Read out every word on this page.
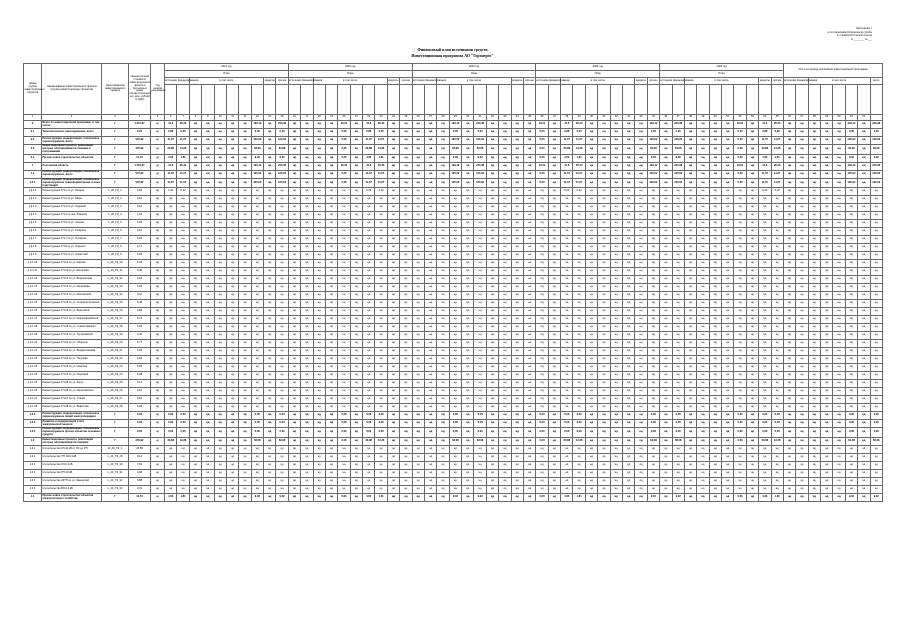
Приложение 1
к постановлению Региональной службы
по тарифам Ростовской области
от ________ № ___
Финансовый план источников средств
Инвестиционная программа АО "Горэнерго"
Номер группы инвестиционных проектов	Наименование инвестиционного проекта (группы инвестиционных проектов)	Идентификатор инвестиционного проекта	Оценка полной стоимости инвестиционного проекта в прогнозных ценах соответствующих лет, млн. рублей (с НДС)	Год начала реализации	2021 год										2022 год										2023 год										2024 год										2025 год										Итого за период реализации инвестиционной программы							
					План										План										План										План										План																	
					источники финансирования		в том числе						кредиты	прочие	источники финансирования		в том числе						кредиты	прочие	источники финансирования		в том числе						кредиты	прочие	источники финансирования		в том числе						кредиты	прочие	источники финансирования		в том числе						кредиты	прочие	источники финансирования		в том числе					всего

1	2	3	4	5	6	7	8	9	10	11	12	13	14	15	16	17	18	19	20	21	22	23	24	25	26	27	28	29	30	31	32	33	34	35	36	37	38	39	40	41	42	43	44	45	46	47	48	49	50	51	52	53	54	55	56	57	58	59	60	61	62	
0	Всего по инвестиционной программе, в том числе:	Г	1 001,67	нд	41,6	26,43	нд	нд	нд	нд	нд	193,12	нд	240,38	нд	нд	нд	нд	19,01	нд	41,6	26,43	нд	нд	нд	нд	нд	193,12	нд	240,38	нд	нд	нд	нд	19,01	нд	41,6	26,43	нд	нд	нд	нд	нд	193,12	нд	240,38	нд	нд	нд	нд	19,01	нд	41,6	26,43	нд	нд	нд	нд	нд	193,12	нд	240,38
0.1	Технологическое присоединение, всего	Г	0,20	нд	0,88	0,20	нд	нд	нд	нд	нд	0,00	нд	0,20	нд	нд	нд	нд	0,00	нд	0,88	0,20	нд	нд	нд	нд	нд	0,00	нд	0,20	нд	нд	нд	нд	0,00	нд	0,88	0,20	нд	нд	нд	нд	нд	0,00	нд	0,20	нд	нд	нд	нд	0,00	нд	0,88	0,20	нд	нд	нд	нд	нд	0,00	нд	0,20
0.2	Реконструкция, модернизация, техническое перевооружение, всего	Г	572,92	нд	11,07	11,07	нд	нд	нд	нд	нд	120,02	нд	120,02	нд	нд	нд	нд	0,00	нд	11,07	11,07	нд	нд	нд	нд	нд	120,02	нд	120,02	нд	нд	нд	нд	0,00	нд	11,07	11,07	нд	нд	нд	нд	нд	120,02	нд	120,02	нд	нд	нд	нд	0,00	нд	11,07	11,07	нд	нд	нд	нд	нд	120,02	нд	120,02
0.3	Инвестиционные проекты, реализация которых обуславливается схемами и программами	Г	376,92	нд	23,88	13,36	нд	нд	нд	нд	нд	63,08	нд	63,08	нд	нд	нд	нд	0,00	нд	23,88	13,36	нд	нд	нд	нд	нд	63,08	нд	63,08	нд	нд	нд	нд	0,00	нд	23,88	13,36	нд	нд	нд	нд	нд	63,08	нд	63,08	нд	нд	нд	нд	0,00	нд	23,88	13,36	нд	нд	нд	нд	нд	63,08	нд	63,08
0.4	Прочее новое строительство объектов	Г	14,73	нд	4,63	1,81	нд	нд	нд	нд	нд	9,02	нд	9,02	нд	нд	нд	нд	0,00	нд	4,63	1,81	нд	нд	нд	нд	нд	9,02	нд	9,02	нд	нд	нд	нд	0,00	нд	4,63	1,81	нд	нд	нд	нд	нд	9,02	нд	9,02	нд	нд	нд	нд	0,00	нд	4,63	1,81	нд	нд	нд	нд	нд	9,02	нд	9,02
1	Ростовская область	Г	1 001,67	нд	41,6	26,43	нд	нд	нд	нд	нд	193,12	нд	240,38	нд	нд	нд	нд	19,01	нд	41,6	26,43	нд	нд	нд	нд	нд	193,12	нд	240,38	нд	нд	нд	нд	19,01	нд	41,6	26,43	нд	нд	нд	нд	нд	193,12	нд	240,38	нд	нд	нд	нд	19,01	нд	41,6	26,43	нд	нд	нд	нд	нд	193,12	нд	240,38
1.2	Реконструкция, модернизация, техническое перевооружение, всего	Г	572,92	нд	11,07	11,07	нд	нд	нд	нд	нд	120,02	нд	120,02	нд	нд	нд	нд	0,00	нд	11,07	11,07	нд	нд	нд	нд	нд	120,02	нд	120,02	нд	нд	нд	нд	0,00	нд	11,07	11,07	нд	нд	нд	нд	нд	120,02	нд	120,02	нд	нд	нд	нд	0,00	нд	11,07	11,07	нд	нд	нд	нд	нд	120,02	нд	120,02
1.2.1	Реконструкция, модернизация, техническое перевооружение трансформаторных и иных подстанций	Г	572,92	нд	11,07	11,07	нд	нд	нд	нд	нд	120,02	нд	120,02	нд	нд	нд	нд	0,00	нд	11,07	11,07	нд	нд	нд	нд	нд	120,02	нд	120,02	нд	нд	нд	нд	0,00	нд	11,07	11,07	нд	нд	нд	нд	нд	120,02	нд	120,02	нд	нд	нд	нд	0,00	нд	11,07	11,07	нд	нд	нд	нд	нд	120,02	нд	120,02
1.2.1.1	Реконструкция ТП-1 по ул. Ленина	L_20_ГЭ_1	4,55	нд	0,22	0,22	нд	нд	нд	нд	нд	нд	нд	нд	нд	нд	нд	нд	нд	нд	0,22	0,22	нд	нд	нд	нд	нд	нд	нд	нд	нд	нд	нд	нд	нд	нд	0,22	0,22	нд	нд	нд	нд	нд	нд	нд	нд	нд	нд	нд	нд	нд	нд	0,22	0,22	нд	нд	нд	нд	нд	нд	нд	нд
1.2.1.2	Реконструкция ТП-2 по ул. Мира	L_20_ГЭ_2	6,81	нд	нд	нд	нд	нд	нд	нд	нд	нд	нд	нд	нд	нд	нд	нд	нд	нд	нд	нд	нд	нд	нд	нд	нд	нд	нд	нд	нд	нд	нд	нд	нд	нд	нд	нд	нд	нд	нд	нд	нд	нд	нд	нд	нд	нд	нд	нд	нд	нд	нд	нд	нд	нд	нд	нд	нд	нд	нд	нд
1.2.1.3	Реконструкция ТП-3 по ул. Садовой	L_20_ГЭ_3	5,10	нд	нд	нд	нд	нд	нд	нд	нд	нд	нд	нд	нд	нд	нд	нд	нд	нд	нд	нд	нд	нд	нд	нд	нд	нд	нд	нд	нд	нд	нд	нд	нд	нд	нд	нд	нд	нд	нд	нд	нд	нд	нд	нд	нд	нд	нд	нд	нд	нд	нд	нд	нд	нд	нд	нд	нд	нд	нд	нд
1.2.1.4	Реконструкция ТП-4 по пер. Южному	L_20_ГЭ_4	7,04	нд	нд	нд	нд	нд	нд	нд	нд	нд	нд	нд	нд	нд	нд	нд	нд	нд	нд	нд	нд	нд	нд	нд	нд	нд	нд	нд	нд	нд	нд	нд	нд	нд	нд	нд	нд	нд	нд	нд	нд	нд	нд	нд	нд	нд	нд	нд	нд	нд	нд	нд	нд	нд	нд	нд	нд	нд	нд	нд
1.2.1.5	Реконструкция ТП-5 по ул. Чехова	L_20_ГЭ_5	5,93	нд	нд	нд	нд	нд	нд	нд	нд	нд	нд	нд	нд	нд	нд	нд	нд	нд	нд	нд	нд	нд	нд	нд	нд	нд	нд	нд	нд	нд	нд	нд	нд	нд	нд	нд	нд	нд	нд	нд	нд	нд	нд	нд	нд	нд	нд	нд	нд	нд	нд	нд	нд	нд	нд	нд	нд	нд	нд	нд
1.2.1.6	Реконструкция ТП-6 по ул. Гагарина	L_20_ГЭ_6	3,97	нд	нд	нд	нд	нд	нд	нд	нд	нд	нд	нд	нд	нд	нд	нд	нд	нд	нд	нд	нд	нд	нд	нд	нд	нд	нд	нд	нд	нд	нд	нд	нд	нд	нд	нд	нд	нд	нд	нд	нд	нд	нд	нд	нд	нд	нд	нд	нд	нд	нд	нд	нд	нд	нд	нд	нд	нд	нд	нд
1.2.1.7	Реконструкция ТП-7 по ул. Пушкина	L_20_ГЭ_7	6,22	нд	нд	нд	нд	нд	нд	нд	нд	нд	нд	нд	нд	нд	нд	нд	нд	нд	нд	нд	нд	нд	нд	нд	нд	нд	нд	нд	нд	нд	нд	нд	нд	нд	нд	нд	нд	нд	нд	нд	нд	нд	нд	нд	нд	нд	нд	нд	нд	нд	нд	нд	нд	нд	нд	нд	нд	нд	нд	нд
1.2.1.8	Реконструкция ТП-8 по ул. Горького	L_20_ГЭ_8	4,71	нд	нд	нд	нд	нд	нд	нд	нд	нд	нд	нд	нд	нд	нд	нд	нд	нд	нд	нд	нд	нд	нд	нд	нд	нд	нд	нд	нд	нд	нд	нд	нд	нд	нд	нд	нд	нд	нд	нд	нд	нд	нд	нд	нд	нд	нд	нд	нд	нд	нд	нд	нд	нд	нд	нд	нд	нд	нд	нд
1.2.1.9	Реконструкция ТП-9 по ул. Советской	L_20_ГЭ_9	5,66	нд	нд	нд	нд	нд	нд	нд	нд	нд	нд	нд	нд	нд	нд	нд	нд	нд	нд	нд	нд	нд	нд	нд	нд	нд	нд	нд	нд	нд	нд	нд	нд	нд	нд	нд	нд	нд	нд	нд	нд	нд	нд	нд	нд	нд	нд	нд	нд	нд	нд	нд	нд	нд	нд	нд	нд	нд	нд	нд
1.2.1.10	Реконструкция ТП-10 по ул. Кирова	L_20_ГЭ_10	5,34	нд	нд	нд	нд	нд	нд	нд	нд	нд	нд	нд	нд	нд	нд	нд	нд	нд	нд	нд	нд	нд	нд	нд	нд	нд	нд	нд	нд	нд	нд	нд	нд	нд	нд	нд	нд	нд	нд	нд	нд	нд	нд	нд	нд	нд	нд	нд	нд	нд	нд	нд	нд	нд	нд	нд	нд	нд	нд	нд
1.2.1.11	Реконструкция ТП-11 по ул. Шолохова	L_20_ГЭ_11	6,45	нд	нд	нд	нд	нд	нд	нд	нд	нд	нд	нд	нд	нд	нд	нд	нд	нд	нд	нд	нд	нд	нд	нд	нд	нд	нд	нд	нд	нд	нд	нд	нд	нд	нд	нд	нд	нд	нд	нд	нд	нд	нд	нд	нд	нд	нд	нд	нд	нд	нд	нд	нд	нд	нд	нд	нд	нд	нд	нд
1.2.1.12	Реконструкция ТП-12 по ул. Ворошилова	L_20_ГЭ_12	4,18	нд	нд	нд	нд	нд	нд	нд	нд	нд	нд	нд	нд	нд	нд	нд	нд	нд	нд	нд	нд	нд	нд	нд	нд	нд	нд	нд	нд	нд	нд	нд	нд	нд	нд	нд	нд	нд	нд	нд	нд	нд	нд	нд	нд	нд	нд	нд	нд	нд	нд	нд	нд	нд	нд	нд	нд	нд	нд	нд
1.2.1.13	Реконструкция ТП-13 по ул. Мечникова	L_20_ГЭ_13	5,02	нд	нд	нд	нд	нд	нд	нд	нд	нд	нд	нд	нд	нд	нд	нд	нд	нд	нд	нд	нд	нд	нд	нд	нд	нд	нд	нд	нд	нд	нд	нд	нд	нд	нд	нд	нд	нд	нд	нд	нд	нд	нд	нд	нд	нд	нд	нд	нд	нд	нд	нд	нд	нд	нд	нд	нд	нд	нд	нд
1.2.1.14	Реконструкция ТП-14 по ул. Московской	L_20_ГЭ_14	6,11	нд	нд	нд	нд	нд	нд	нд	нд	нд	нд	нд	нд	нд	нд	нд	нд	нд	нд	нд	нд	нд	нд	нд	нд	нд	нд	нд	нд	нд	нд	нд	нд	нд	нд	нд	нд	нд	нд	нд	нд	нд	нд	нд	нд	нд	нд	нд	нд	нд	нд	нд	нд	нд	нд	нд	нд	нд	нд	нд
1.2.1.15	Реконструкция ТП-15 по ул. Социалистической	L_20_ГЭ_15	5,48	нд	нд	нд	нд	нд	нд	нд	нд	нд	нд	нд	нд	нд	нд	нд	нд	нд	нд	нд	нд	нд	нд	нд	нд	нд	нд	нд	нд	нд	нд	нд	нд	нд	нд	нд	нд	нд	нд	нд	нд	нд	нд	нд	нд	нд	нд	нд	нд	нд	нд	нд	нд	нд	нд	нд	нд	нд	нд	нд
1.2.1.16	Реконструкция ТП-16 по ул. Береговой	L_20_ГЭ_16	4,86	нд	нд	нд	нд	нд	нд	нд	нд	нд	нд	нд	нд	нд	нд	нд	нд	нд	нд	нд	нд	нд	нд	нд	нд	нд	нд	нд	нд	нд	нд	нд	нд	нд	нд	нд	нд	нд	нд	нд	нд	нд	нд	нд	нд	нд	нд	нд	нд	нд	нд	нд	нд	нд	нд	нд	нд	нд	нд	нд
1.2.1.17	Реконструкция ТП-17 по ул. Красноармейской	L_20_ГЭ_17	6,72	нд	нд	нд	нд	нд	нд	нд	нд	нд	нд	нд	нд	нд	нд	нд	нд	нд	нд	нд	нд	нд	нд	нд	нд	нд	нд	нд	нд	нд	нд	нд	нд	нд	нд	нд	нд	нд	нд	нд	нд	нд	нд	нд	нд	нд	нд	нд	нд	нд	нд	нд	нд	нд	нд	нд	нд	нд	нд	нд
1.2.1.18	Реконструкция ТП-18 по ул. Станиславского	L_20_ГЭ_18	5,29	нд	нд	нд	нд	нд	нд	нд	нд	нд	нд	нд	нд	нд	нд	нд	нд	нд	нд	нд	нд	нд	нд	нд	нд	нд	нд	нд	нд	нд	нд	нд	нд	нд	нд	нд	нд	нд	нд	нд	нд	нд	нд	нд	нд	нд	нд	нд	нд	нд	нд	нд	нд	нд	нд	нд	нд	нд	нд	нд
1.2.1.19	Реконструкция ТП-19 по ул. Тургеневской	L_20_ГЭ_19	4,44	нд	нд	нд	нд	нд	нд	нд	нд	нд	нд	нд	нд	нд	нд	нд	нд	нд	нд	нд	нд	нд	нд	нд	нд	нд	нд	нд	нд	нд	нд	нд	нд	нд	нд	нд	нд	нд	нд	нд	нд	нд	нд	нд	нд	нд	нд	нд	нд	нд	нд	нд	нд	нд	нд	нд	нд	нд	нд	нд
1.2.1.20	Реконструкция ТП-20 по ул. Обороны	L_20_ГЭ_20	5,77	нд	нд	нд	нд	нд	нд	нд	нд	нд	нд	нд	нд	нд	нд	нд	нд	нд	нд	нд	нд	нд	нд	нд	нд	нд	нд	нд	нд	нд	нд	нд	нд	нд	нд	нд	нд	нд	нд	нд	нд	нд	нд	нд	нд	нд	нд	нд	нд	нд	нд	нд	нд	нд	нд	нд	нд	нд	нд	нд
1.2.1.21	Реконструкция ТП-21 по ул. Варфоломеева	L_20_ГЭ_21	6,03	нд	нд	нд	нд	нд	нд	нд	нд	нд	нд	нд	нд	нд	нд	нд	нд	нд	нд	нд	нд	нд	нд	нд	нд	нд	нд	нд	нд	нд	нд	нд	нд	нд	нд	нд	нд	нд	нд	нд	нд	нд	нд	нд	нд	нд	нд	нд	нд	нд	нд	нд	нд	нд	нд	нд	нд	нд	нд	нд
1.2.1.22	Реконструкция ТП-22 по ул. Текучева	L_20_ГЭ_22	4,92	нд	нд	нд	нд	нд	нд	нд	нд	нд	нд	нд	нд	нд	нд	нд	нд	нд	нд	нд	нд	нд	нд	нд	нд	нд	нд	нд	нд	нд	нд	нд	нд	нд	нд	нд	нд	нд	нд	нд	нд	нд	нд	нд	нд	нд	нд	нд	нд	нд	нд	нд	нд	нд	нд	нд	нд	нд	нд	нд
1.2.1.23	Реконструкция ТП-23 по ул. Нансена	L_20_ГЭ_23	5,55	нд	нд	нд	нд	нд	нд	нд	нд	нд	нд	нд	нд	нд	нд	нд	нд	нд	нд	нд	нд	нд	нд	нд	нд	нд	нд	нд	нд	нд	нд	нд	нд	нд	нд	нд	нд	нд	нд	нд	нд	нд	нд	нд	нд	нд	нд	нд	нд	нд	нд	нд	нд	нд	нд	нд	нд	нд	нд	нд
1.2.1.24	Реконструкция ТП-24 по ул. Портовой	L_20_ГЭ_24	6,38	нд	нд	нд	нд	нд	нд	нд	нд	нд	нд	нд	нд	нд	нд	нд	нд	нд	нд	нд	нд	нд	нд	нд	нд	нд	нд	нд	нд	нд	нд	нд	нд	нд	нд	нд	нд	нд	нд	нд	нд	нд	нд	нд	нд	нд	нд	нд	нд	нд	нд	нд	нд	нд	нд	нд	нд	нд	нд	нд
1.2.1.25	Реконструкция ТП-25 по ул. Зорге	L_20_ГЭ_25	5,14	нд	нд	нд	нд	нд	нд	нд	нд	нд	нд	нд	нд	нд	нд	нд	нд	нд	нд	нд	нд	нд	нд	нд	нд	нд	нд	нд	нд	нд	нд	нд	нд	нд	нд	нд	нд	нд	нд	нд	нд	нд	нд	нд	нд	нд	нд	нд	нд	нд	нд	нд	нд	нд	нд	нд	нд	нд	нд	нд
1.2.1.26	Реконструкция ТП-26 по ул. Малиновского	L_20_ГЭ_26	4,67	нд	нд	нд	нд	нд	нд	нд	нд	нд	нд	нд	нд	нд	нд	нд	нд	нд	нд	нд	нд	нд	нд	нд	нд	нд	нд	нд	нд	нд	нд	нд	нд	нд	нд	нд	нд	нд	нд	нд	нд	нд	нд	нд	нд	нд	нд	нд	нд	нд	нд	нд	нд	нд	нд	нд	нд	нд	нд	нд
1.2.1.27	Реконструкция ТП-27 по пр. Стачки	L_20_ГЭ_27	5,81	нд	нд	нд	нд	нд	нд	нд	нд	нд	нд	нд	нд	нд	нд	нд	нд	нд	нд	нд	нд	нд	нд	нд	нд	нд	нд	нд	нд	нд	нд	нд	нд	нд	нд	нд	нд	нд	нд	нд	нд	нд	нд	нд	нд	нд	нд	нд	нд	нд	нд	нд	нд	нд	нд	нд	нд	нд	нд	нд
1.2.1.28	Реконструкция ТП-28 по ул. Вавилова	L_20_ГЭ_28	6,26	нд	нд	нд	нд	нд	нд	нд	нд	нд	нд	нд	нд	нд	нд	нд	нд	нд	нд	нд	нд	нд	нд	нд	нд	нд	нд	нд	нд	нд	нд	нд	нд	нд	нд	нд	нд	нд	нд	нд	нд	нд	нд	нд	нд	нд	нд	нд	нд	нд	нд	нд	нд	нд	нд	нд	нд	нд	нд	нд
1.2.2	Реконструкция, модернизация, техническое перевооружение линий электропередачи	Г	0,00	нд	0,00	0,00	нд	нд	нд	нд	нд	0,00	нд	0,00	нд	нд	нд	нд	0,00	нд	0,00	0,00	нд	нд	нд	нд	нд	0,00	нд	0,00	нд	нд	нд	нд	0,00	нд	0,00	0,00	нд	нд	нд	нд	нд	0,00	нд	0,00	нд	нд	нд	нд	0,00	нд	0,00	0,00	нд	нд	нд	нд	нд	0,00	нд	0,00
1.2.3	Развитие и модернизация учета электрической энергии	Г	0,00	нд	0,00	0,00	нд	нд	нд	нд	нд	0,00	нд	0,00	нд	нд	нд	нд	0,00	нд	0,00	0,00	нд	нд	нд	нд	нд	0,00	нд	0,00	нд	нд	нд	нд	0,00	нд	0,00	0,00	нд	нд	нд	нд	нд	0,00	нд	0,00	нд	нд	нд	нд	0,00	нд	0,00	0,00	нд	нд	нд	нд	нд	0,00	нд	0,00
1.2.4	Реконструкция, модернизация, техническое перевооружение прочих объектов основных средств	Г	0,00	нд	0,00	0,00	нд	нд	нд	нд	нд	0,00	нд	0,00	нд	нд	нд	нд	0,00	нд	0,00	0,00	нд	нд	нд	нд	нд	0,00	нд	0,00	нд	нд	нд	нд	0,00	нд	0,00	0,00	нд	нд	нд	нд	нд	0,00	нд	0,00	нд	нд	нд	нд	0,00	нд	0,00	0,00	нд	нд	нд	нд	нд	0,00	нд	0,00
1.3	Инвестиционные проекты, реализация которых обуславливается схемами	Г	376,92	нд	23,88	13,36	нд	нд	нд	нд	нд	63,08	нд	63,08	нд	нд	нд	нд	0,00	нд	23,88	13,36	нд	нд	нд	нд	нд	63,08	нд	63,08	нд	нд	нд	нд	0,00	нд	23,88	13,36	нд	нд	нд	нд	нд	63,08	нд	63,08	нд	нд	нд	нд	0,00	нд	23,88	13,36	нд	нд	нд	нд	нд	63,08	нд	63,08
1.3.1	Строительство КЛ-10 кВ от ПС до РП	Ж_20_ГЭ_1	26,58	нд	нд	нд	нд	нд	нд	нд	нд	нд	нд	нд	нд	нд	нд	нд	нд	нд	нд	нд	нд	нд	нд	нд	нд	нд	нд	нд	нд	нд	нд	нд	нд	нд	нд	нд	нд	нд	нд	нд	нд	нд	нд	нд	нд	нд	нд	нд	нд	нд	нд	нд	нд	нд	нд	нд	нд	нд	нд	нд
1.3.2	Строительство ТП 10/0,4 кВ	L_20_ГЭ_29	9,14	нд	нд	нд	нд	нд	нд	нд	нд	нд	нд	нд	нд	нд	нд	нд	нд	нд	нд	нд	нд	нд	нд	нд	нд	нд	нд	нд	нд	нд	нд	нд	нд	нд	нд	нд	нд	нд	нд	нд	нд	нд	нд	нд	нд	нд	нд	нд	нд	нд	нд	нд	нд	нд	нд	нд	нд	нд	нд	нд
1.3.3	Строительство КЛ-0,4 кВ	L_20_ГЭ_30	7,62	нд	нд	нд	нд	нд	нд	нд	нд	нд	нд	нд	нд	нд	нд	нд	нд	нд	нд	нд	нд	нд	нд	нд	нд	нд	нд	нд	нд	нд	нд	нд	нд	нд	нд	нд	нд	нд	нд	нд	нд	нд	нд	нд	нд	нд	нд	нд	нд	нд	нд	нд	нд	нд	нд	нд	нд	нд	нд	нд
1.3.4	Строительство РП-10 кВ	L_20_ГЭ_31	4,98	нд	нд	нд	нд	нд	нд	нд	нд	нд	нд	нд	нд	нд	нд	нд	нд	нд	нд	нд	нд	нд	нд	нд	нд	нд	нд	нд	нд	нд	нд	нд	нд	нд	нд	нд	нд	нд	нд	нд	нд	нд	нд	нд	нд	нд	нд	нд	нд	нд	нд	нд	нд	нд	нд	нд	нд	нд	нд	нд
1.3.5	Строительство 2КТП по ул. Заводской	L_20_ГЭ_32	5,88	нд	нд	нд	нд	нд	нд	нд	нд	нд	нд	нд	нд	нд	нд	нд	нд	нд	нд	нд	нд	нд	нд	нд	нд	нд	нд	нд	нд	нд	нд	нд	нд	нд	нд	нд	нд	нд	нд	нд	нд	нд	нд	нд	нд	нд	нд	нд	нд	нд	нд	нд	нд	нд	нд	нд	нд	нд	нд	нд
1.3.6	Строительство ВЛ-0,4 кВ	L_20_ГЭ_33	3,41	нд	нд	нд	нд	нд	нд	нд	нд	нд	нд	нд	нд	нд	нд	нд	нд	нд	нд	нд	нд	нд	нд	нд	нд	нд	нд	нд	нд	нд	нд	нд	нд	нд	нд	нд	нд	нд	нд	нд	нд	нд	нд	нд	нд	нд	нд	нд	нд	нд	нд	нд	нд	нд	нд	нд	нд	нд	нд	нд
1.4	Прочее новое строительство объектов электросетевого хозяйства	Г	14,73	нд	4,63	1,81	нд	нд	нд	нд	нд	9,02	нд	9,02	нд	нд	нд	нд	0,00	нд	4,63	1,81	нд	нд	нд	нд	нд	9,02	нд	9,02	нд	нд	нд	нд	0,00	нд	4,63	1,81	нд	нд	нд	нд	нд	9,02	нд	9,02	нд	нд	нд	нд	0,00	нд	4,63	1,81	нд	нд	нд	нд	нд	9,02	нд	9,02
